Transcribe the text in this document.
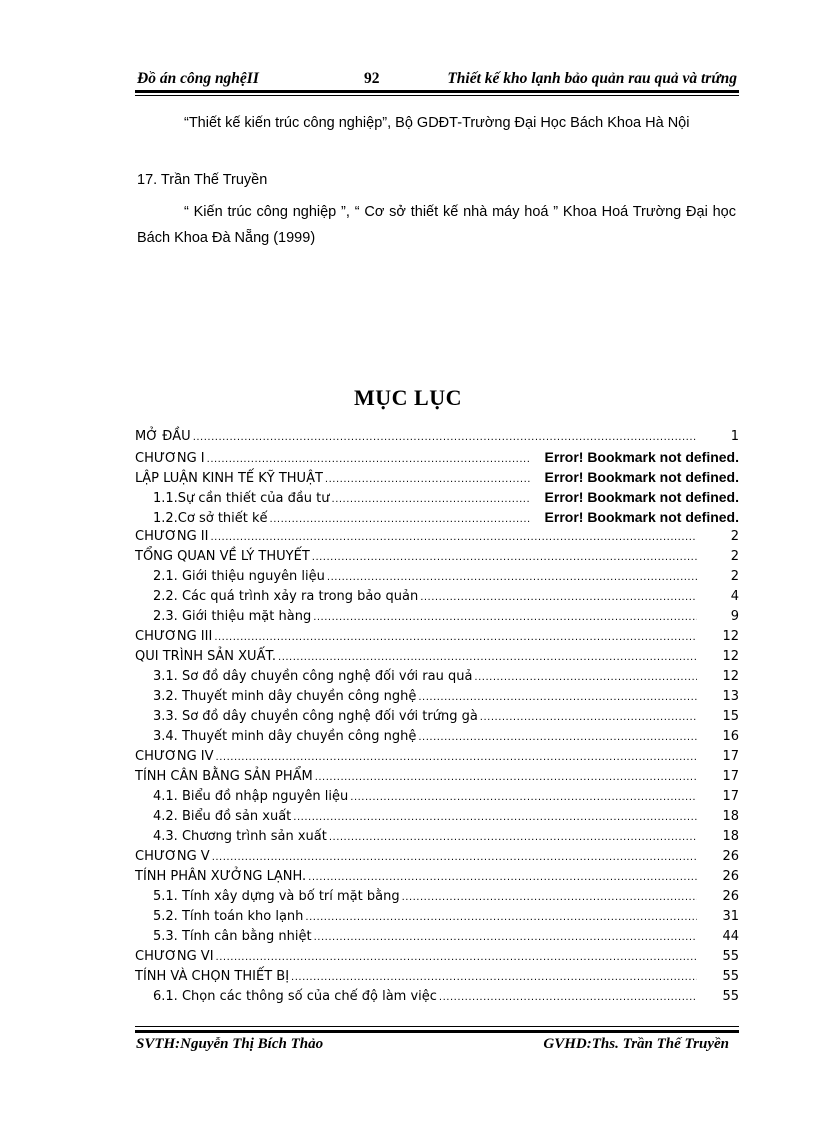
Đồ án công nghệII	92	Thiết kế kho lạnh bảo quản rau quả và trứng
“Thiết kế kiến trúc công nghiệp”, Bộ GDĐT-Trường Đại Học Bách Khoa Hà Nội
17. Trần Thế Truyền
“ Kiến trúc công nghiệp ”, “ Cơ sở thiết kế nhà máy hoá ” Khoa Hoá Trường Đại học Bách Khoa Đà Nẵng (1999)
MỤC LỤC
MỞ ĐẦU .....	1
CHƯƠNG I .....	Error! Bookmark not defined.
LẬP LUẬN KINH TẾ KỸ THUẬT .....	Error! Bookmark not defined.
1.1.Sự cần thiết của đầu tư .....	Error! Bookmark not defined.
1.2.Cơ sở thiết kế .....	Error! Bookmark not defined.
CHƯƠNG II .....	2
TỔNG QUAN VỀ LÝ THUYẾT .....	2
2.1. Giới thiệu nguyên liệu .....	2
2.2. Các quá trình xảy ra trong bảo quản .....	4
2.3. Giới thiệu mặt hàng .....	9
CHƯƠNG III .....	12
QUI TRÌNH SẢN XUẤT. .....	12
3.1. Sơ đồ dây chuyền công nghệ đối với rau quả .....	12
3.2. Thuyết minh dây chuyền công nghệ .....	13
3.3. Sơ đồ dây chuyền công nghệ đối với trứng gà .....	15
3.4. Thuyết minh dây chuyền công nghệ .....	16
CHƯƠNG IV .....	17
TÍNH CÂN BẰNG SẢN PHẨM .....	17
4.1. Biểu đồ nhập nguyên liệu .....	17
4.2. Biểu đồ sản xuất .....	18
4.3. Chương trình sản xuất .....	18
CHƯƠNG V .....	26
TÍNH PHÂN XƯỞNG LẠNH. .....	26
5.1. Tính xây dựng và bố trí mặt bằng .....	26
5.2. Tính toán kho lạnh .....	31
5.3. Tính cân bằng nhiệt .....	44
CHƯƠNG VI .....	55
TÍNH VÀ CHỌN THIẾT BỊ .....	55
6.1. Chọn các thông số của chế độ làm việc .....	55
SVTH:Nguyễn Thị Bích Thảo	GVHD:Ths. Trần Thế Truyền
